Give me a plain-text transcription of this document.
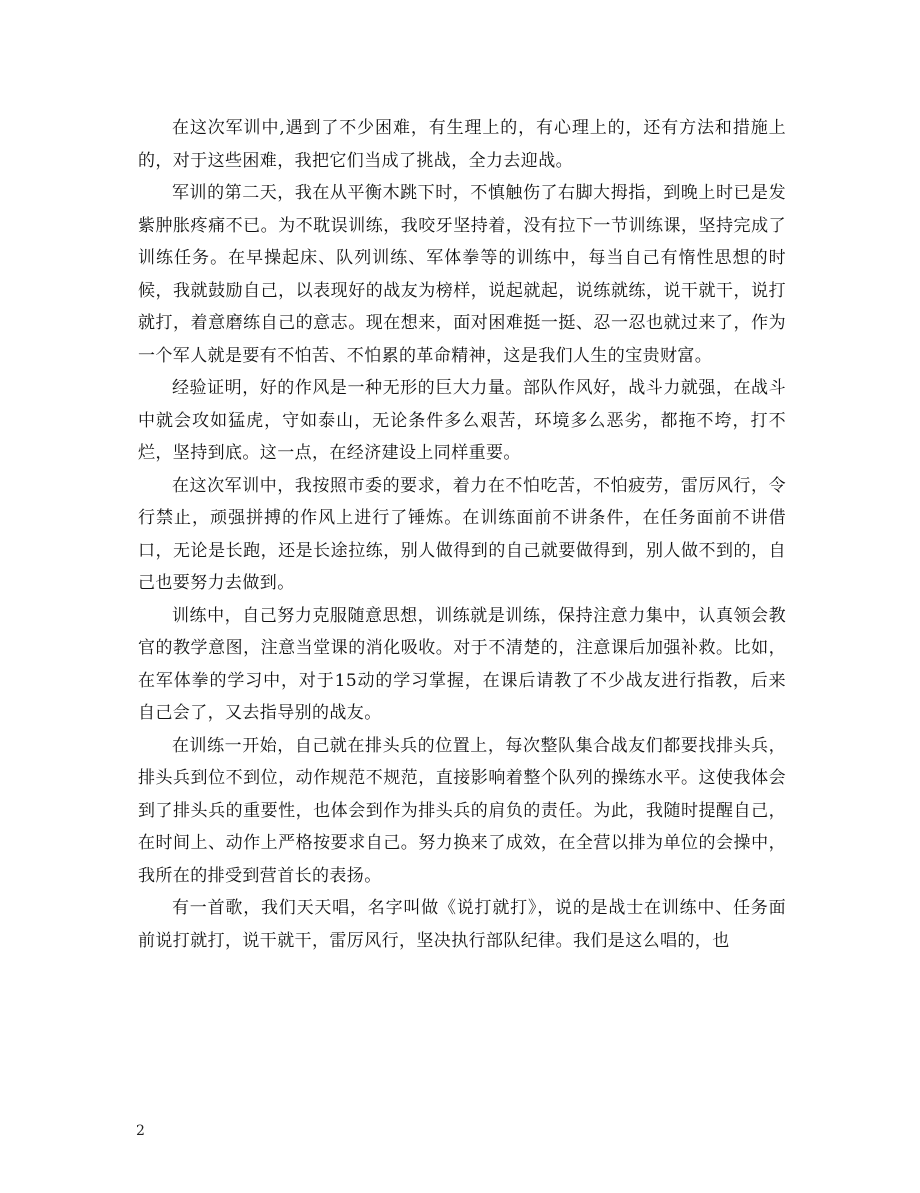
在这次军训中,遇到了不少困难，有生理上的，有心理上的，还有方法和措施上的，对于这些困难，我把它们当成了挑战，全力去迎战。

军训的第二天，我在从平衡木跳下时，不慎触伤了右脚大拇指，到晚上时已是发紫肿胀疼痛不已。为不耽误训练，我咬牙坚持着，没有拉下一节训练课，坚持完成了训练任务。在早操起床、队列训练、军体拳等的训练中，每当自己有惰性思想的时候，我就鼓励自己，以表现好的战友为榜样，说起就起，说练就练，说干就干，说打就打，着意磨练自己的意志。现在想来，面对困难挺一挺、忍一忍也就过来了，作为一个军人就是要有不怕苦、不怕累的革命精神，这是我们人生的宝贵财富。

经验证明，好的作风是一种无形的巨大力量。部队作风好，战斗力就强，在战斗中就会攻如猛虎，守如泰山，无论条件多么艰苦，环境多么恶劣，都拖不垮，打不烂，坚持到底。这一点，在经济建设上同样重要。

在这次军训中，我按照市委的要求，着力在不怕吃苦，不怕疲劳，雷厉风行，令行禁止，顽强拼搏的作风上进行了锤炼。在训练面前不讲条件，在任务面前不讲借口，无论是长跑，还是长途拉练，别人做得到的自己就要做得到，别人做不到的，自己也要努力去做到。

训练中，自己努力克服随意思想，训练就是训练，保持注意力集中，认真领会教官的教学意图，注意当堂课的消化吸收。对于不清楚的，注意课后加强补救。比如，在军体拳的学习中，对于15动的学习掌握，在课后请教了不少战友进行指教，后来自己会了，又去指导别的战友。

在训练一开始，自己就在排头兵的位置上，每次整队集合战友们都要找排头兵，排头兵到位不到位，动作规范不规范，直接影响着整个队列的操练水平。这使我体会到了排头兵的重要性，也体会到作为排头兵的肩负的责任。为此，我随时提醒自己，在时间上、动作上严格按要求自己。努力换来了成效，在全营以排为单位的会操中，我所在的排受到营首长的表扬。

有一首歌，我们天天唱，名字叫做《说打就打》，说的是战士在训练中、任务面前说打就打，说干就干，雷厉风行，坚决执行部队纪律。我们是这么唱的，也

2
